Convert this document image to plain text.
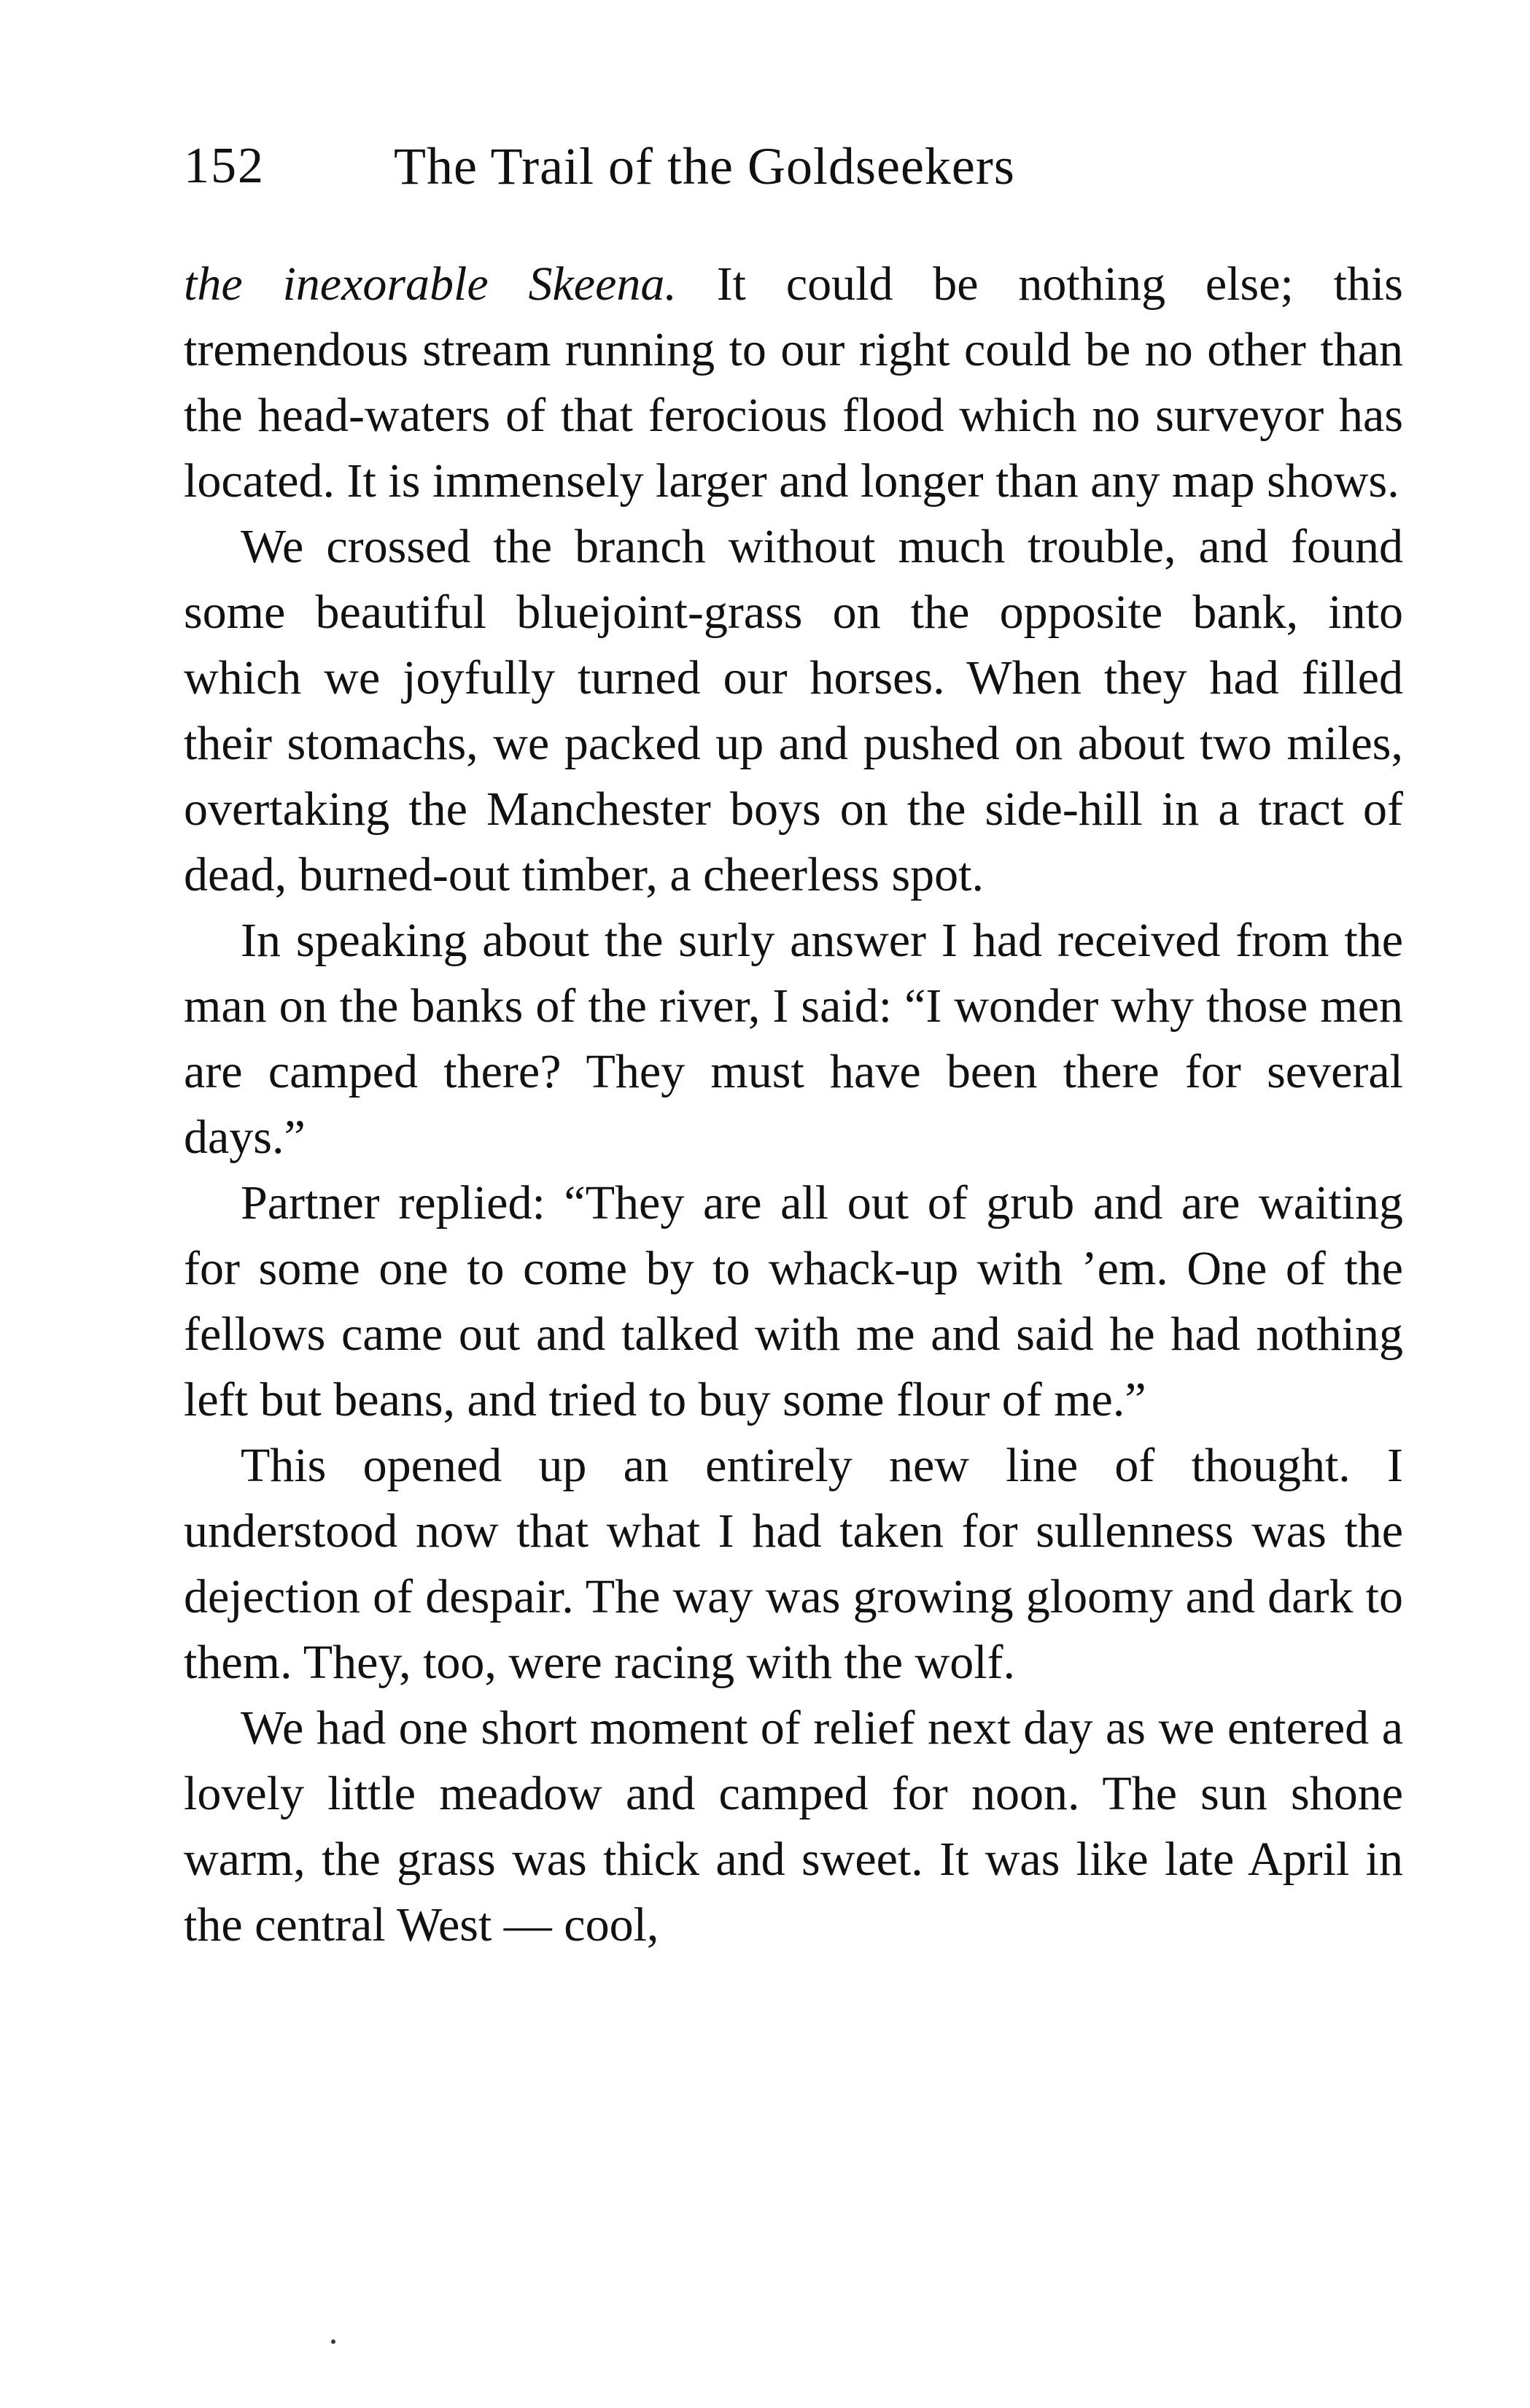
152 The Trail of the Goldseekers

the inexorable Skeena. It could be nothing else; this tremendous stream running to our right could be no other than the head-waters of that ferocious flood which no surveyor has located. It is immensely larger and longer than any map shows.

We crossed the branch without much trouble, and found some beautiful bluejoint-grass on the opposite bank, into which we joyfully turned our horses. When they had filled their stomachs, we packed up and pushed on about two miles, overtaking the Manchester boys on the side-hill in a tract of dead, burned-out timber, a cheerless spot.

In speaking about the surly answer I had received from the man on the banks of the river, I said: “I wonder why those men are camped there? They must have been there for several days.”

Partner replied: “They are all out of grub and are waiting for some one to come by to whack-up with ’em. One of the fellows came out and talked with me and said he had nothing left but beans, and tried to buy some flour of me.”

This opened up an entirely new line of thought. I understood now that what I had taken for sullenness was the dejection of despair. The way was growing gloomy and dark to them. They, too, were racing with the wolf.

We had one short moment of relief next day as we entered a lovely little meadow and camped for noon. The sun shone warm, the grass was thick and sweet. It was like late April in the central West — cool,
